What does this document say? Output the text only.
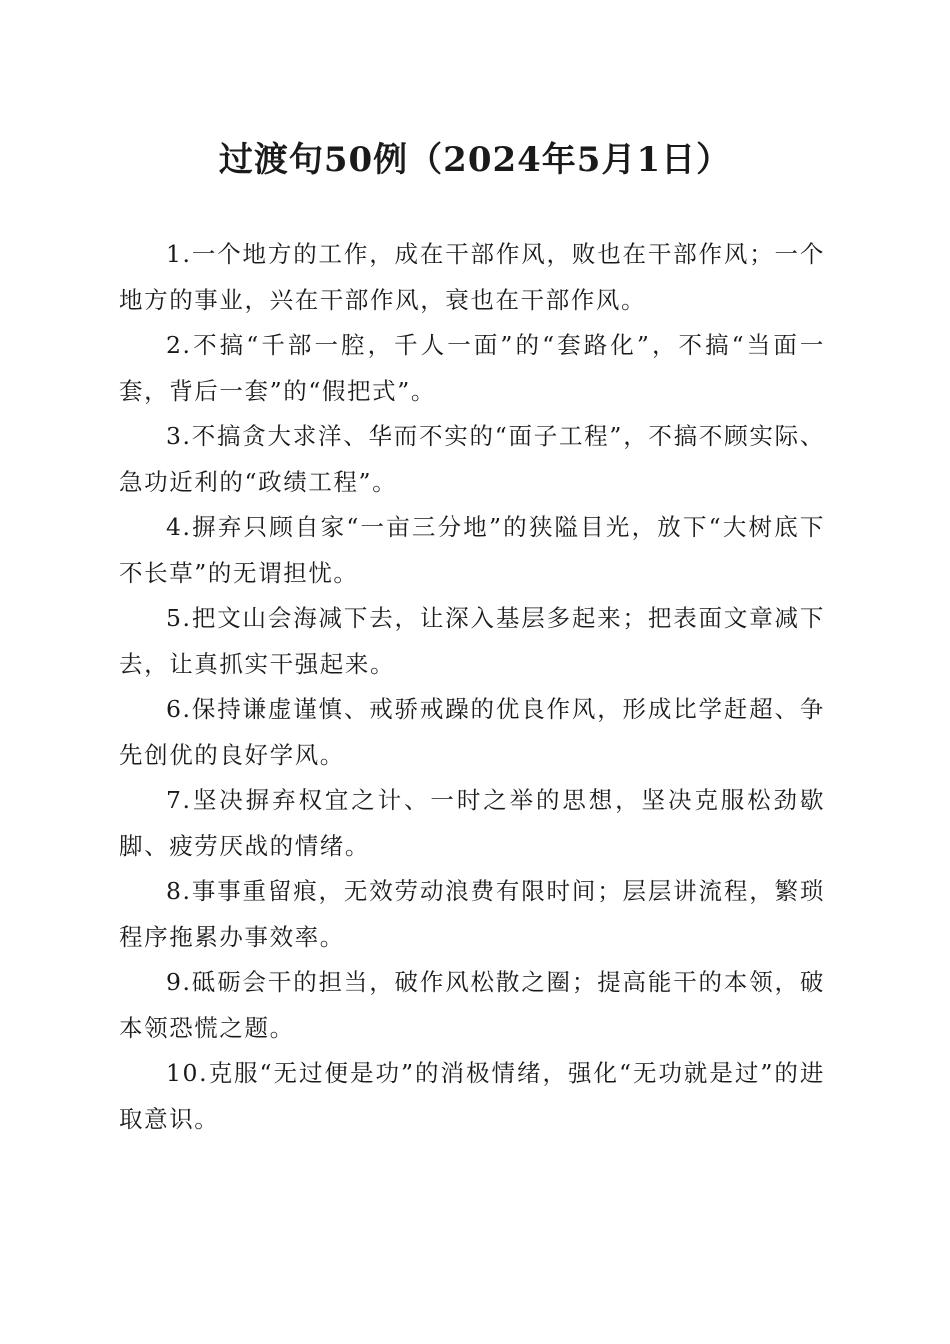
过渡句50例（2024年5月1日）

1.一个地方的工作，成在干部作风，败也在干部作风；一个地方的事业，兴在干部作风，衰也在干部作风。

2.不搞“千部一腔，千人一面”的“套路化”，不搞“当面一套，背后一套”的“假把式”。

3.不搞贪大求洋、华而不实的“面子工程”，不搞不顾实际、急功近利的“政绩工程”。

4.摒弃只顾自家“一亩三分地”的狭隘目光，放下“大树底下不长草”的无谓担忧。

5.把文山会海减下去，让深入基层多起来；把表面文章减下去，让真抓实干强起来。

6.保持谦虚谨慎、戒骄戒躁的优良作风，形成比学赶超、争先创优的良好学风。

7.坚决摒弃权宜之计、一时之举的思想，坚决克服松劲歇脚、疲劳厌战的情绪。

8.事事重留痕，无效劳动浪费有限时间；层层讲流程，繁琐程序拖累办事效率。

9.砥砺会干的担当，破作风松散之圈；提高能干的本领，破本领恐慌之题。

10.克服“无过便是功”的消极情绪，强化“无功就是过”的进取意识。
